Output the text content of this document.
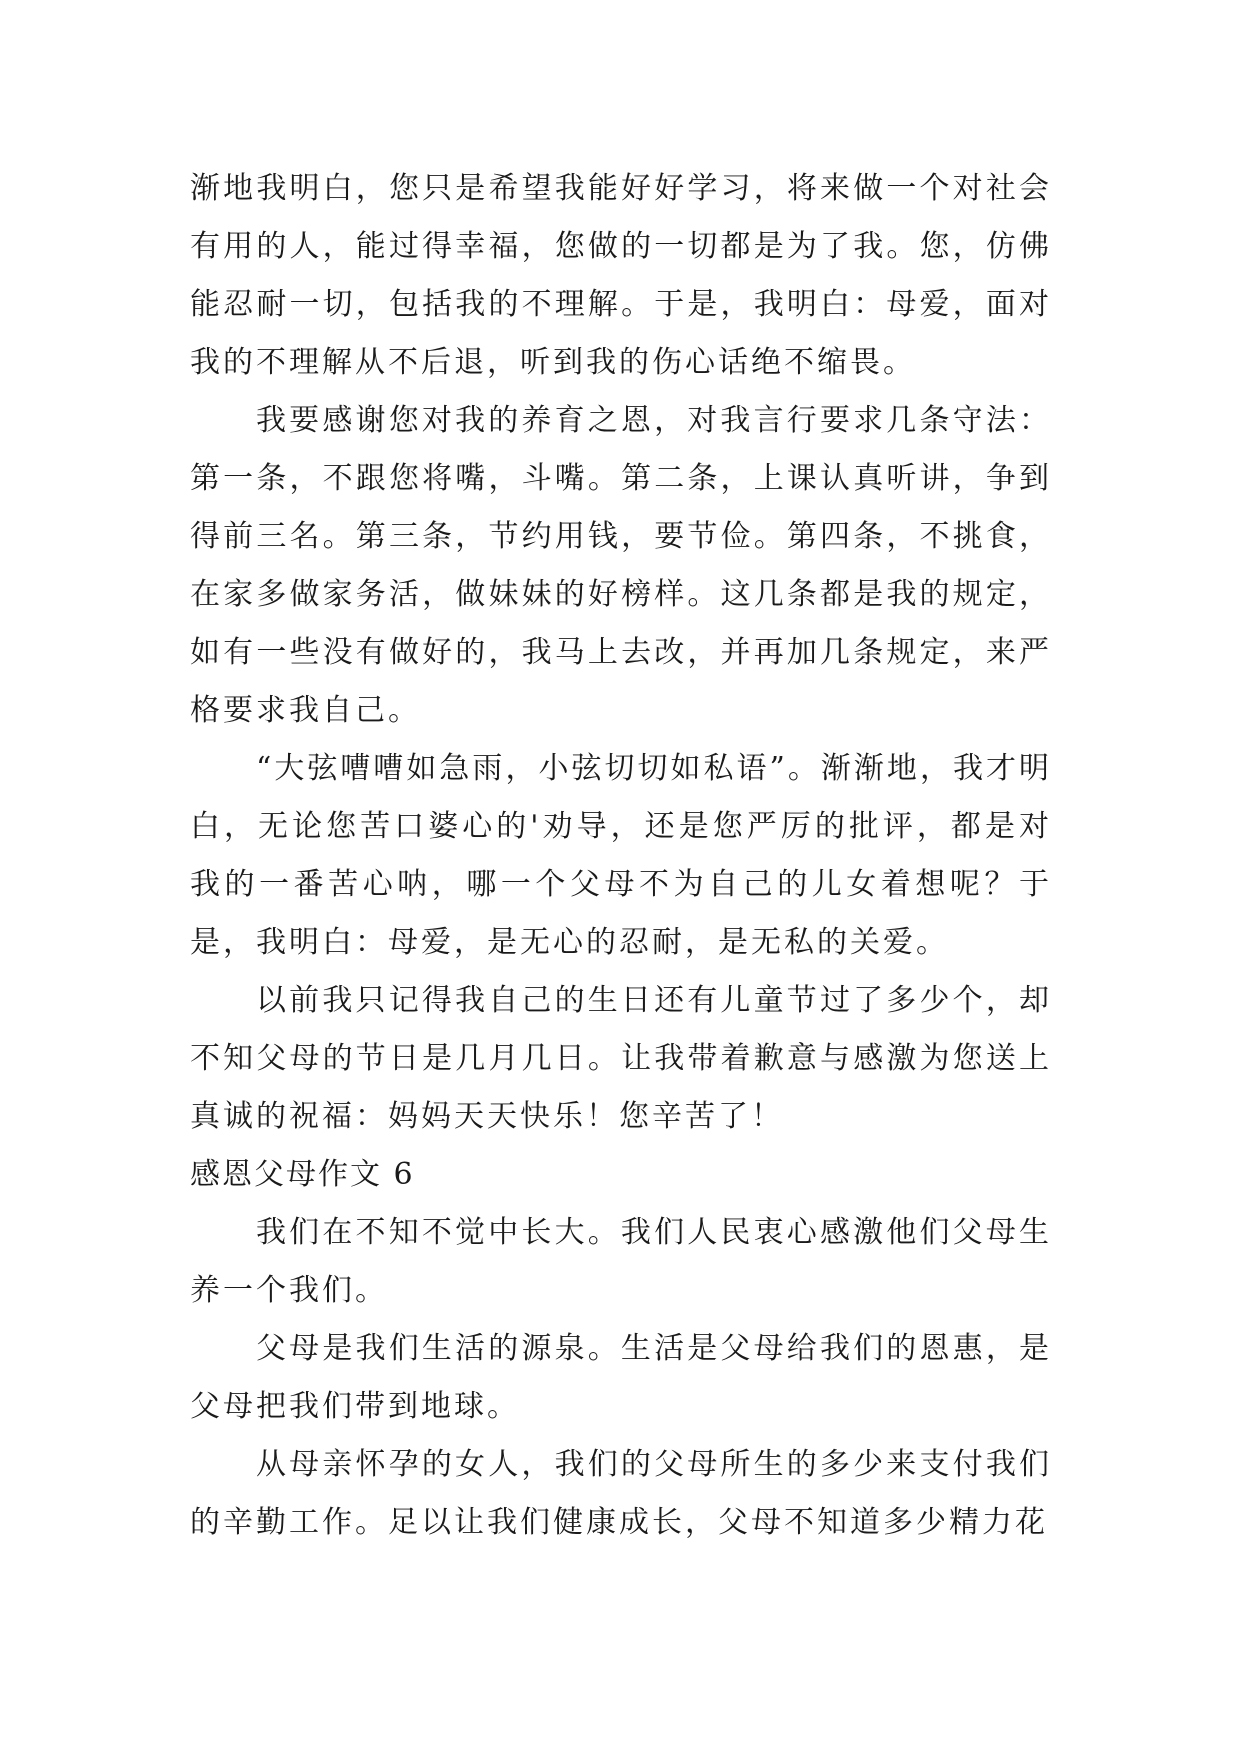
渐地我明白，您只是希望我能好好学习，将来做一个对社会有用的人，能过得幸福，您做的一切都是为了我。您，仿佛能忍耐一切，包括我的不理解。于是，我明白：母爱，面对我的不理解从不后退，听到我的伤心话绝不缩畏。

我要感谢您对我的养育之恩，对我言行要求几条守法：第一条，不跟您将嘴，斗嘴。第二条，上课认真听讲，争到得前三名。第三条，节约用钱，要节俭。第四条，不挑食，在家多做家务活，做妹妹的好榜样。这几条都是我的规定，如有一些没有做好的，我马上去改，并再加几条规定，来严格要求我自己。

“大弦嘈嘈如急雨，小弦切切如私语”。渐渐地，我才明白，无论您苦口婆心的'劝导，还是您严厉的批评，都是对我的一番苦心呐，哪一个父母不为自己的儿女着想呢？于是，我明白：母爱，是无心的忍耐，是无私的关爱。

以前我只记得我自己的生日还有儿童节过了多少个，却不知父母的节日是几月几日。让我带着歉意与感激为您送上真诚的祝福：妈妈天天快乐！您辛苦了！

感恩父母作文 6

我们在不知不觉中长大。我们人民衷心感激他们父母生养一个我们。

父母是我们生活的源泉。生活是父母给我们的恩惠，是父母把我们带到地球。

从母亲怀孕的女人，我们的父母所生的多少来支付我们的辛勤工作。足以让我们健康成长，父母不知道多少精力花
